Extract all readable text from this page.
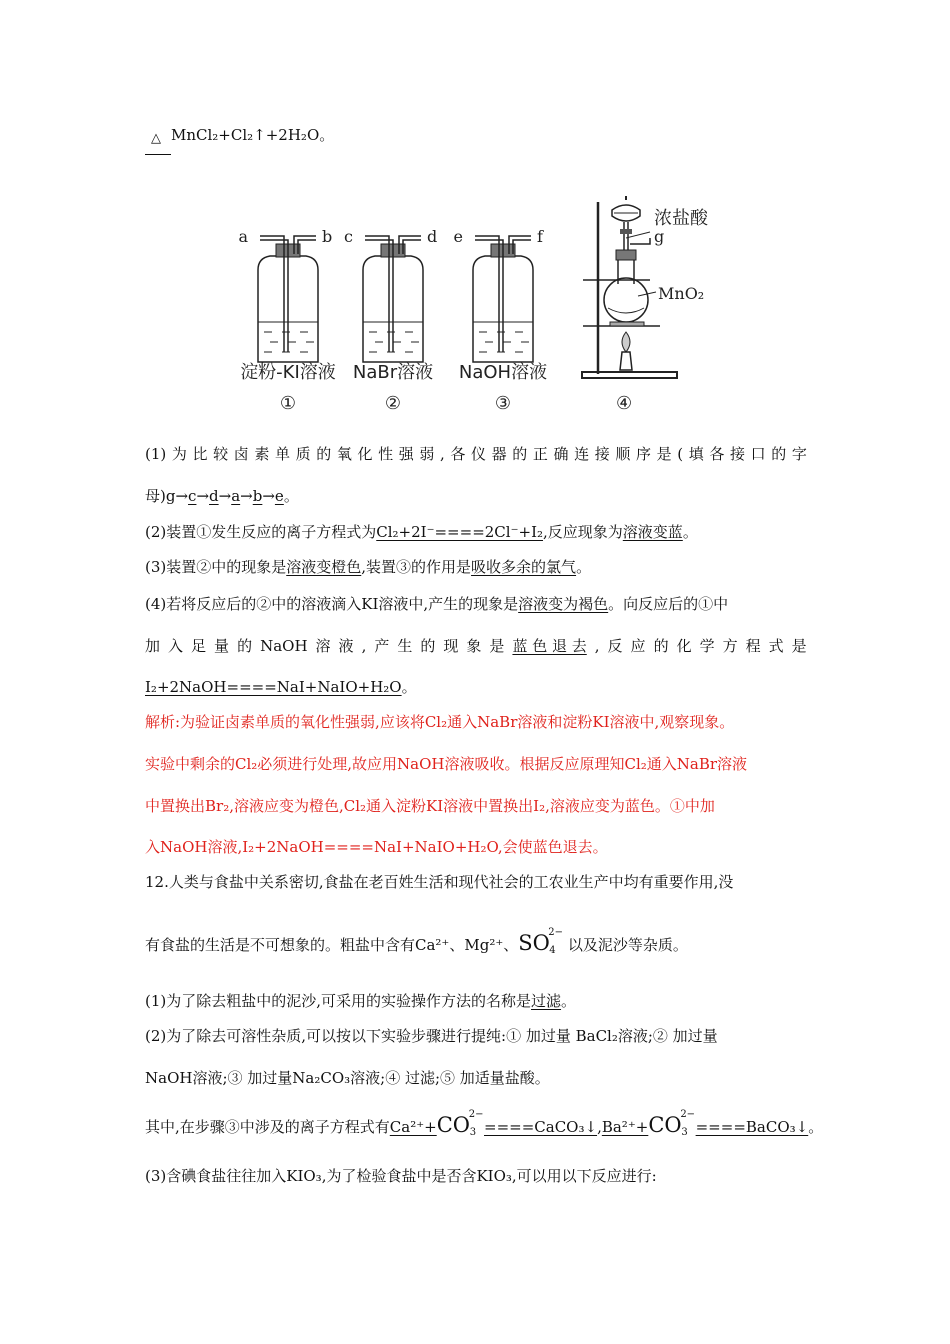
△ MnCl₂+Cl₂↑+2H₂O。
a	b
淀粉-KI溶液
①
c	d
NaBr溶液
②
e	f
NaOH溶液
③
浓盐酸
g
MnO₂
④
(1) 为 比 较 卤 素 单 质 的 氧 化 性 强 弱 , 各 仪 器 的 正 确 连 接 顺 序 是 ( 填 各 接 口 的 字
母)g→c→d→a→b→e。
(2)装置①发生反应的离子方程式为Cl₂+2I⁻====2Cl⁻+I₂,反应现象为溶液变蓝。
(3)装置②中的现象是溶液变橙色,装置③的作用是吸收多余的氯气。
(4)若将反应后的②中的溶液滴入KI溶液中,产生的现象是溶液变为褐色。向反应后的①中
加 入 足 量 的 NaOH 溶 液 , 产 生 的 现 象 是 蓝 色 退 去 , 反 应 的 化 学 方 程 式 是
I₂+2NaOH====NaI+NaIO+H₂O。
解析:为验证卤素单质的氧化性强弱,应该将Cl₂通入NaBr溶液和淀粉KI溶液中,观察现象。
实验中剩余的Cl₂必须进行处理,故应用NaOH溶液吸收。根据反应原理知Cl₂通入NaBr溶液
中置换出Br₂,溶液应变为橙色,Cl₂通入淀粉KI溶液中置换出I₂,溶液应变为蓝色。①中加
入NaOH溶液,I₂+2NaOH====NaI+NaIO+H₂O,会使蓝色退去。
12.人类与食盐中关系密切,食盐在老百姓生活和现代社会的工农业生产中均有重要作用,没
有食盐的生活是不可想象的。粗盐中含有Ca²⁺、Mg²⁺、SO
2−
4 以及泥沙等杂质。
(1)为了除去粗盐中的泥沙,可采用的实验操作方法的名称是过滤。
(2)为了除去可溶性杂质,可以按以下实验步骤进行提纯:① 加过量 BaCl₂溶液;② 加过量
NaOH溶液;③ 加过量Na₂CO₃溶液;④ 过滤;⑤ 加适量盐酸。
其中,在步骤③中涉及的离子方程式有Ca²⁺+CO
2−
3 ====CaCO₃↓,Ba²⁺+CO
2−
3 ====BaCO₃↓。
(3)含碘食盐往往加入KIO₃,为了检验食盐中是否含KIO₃,可以用以下反应进行:
